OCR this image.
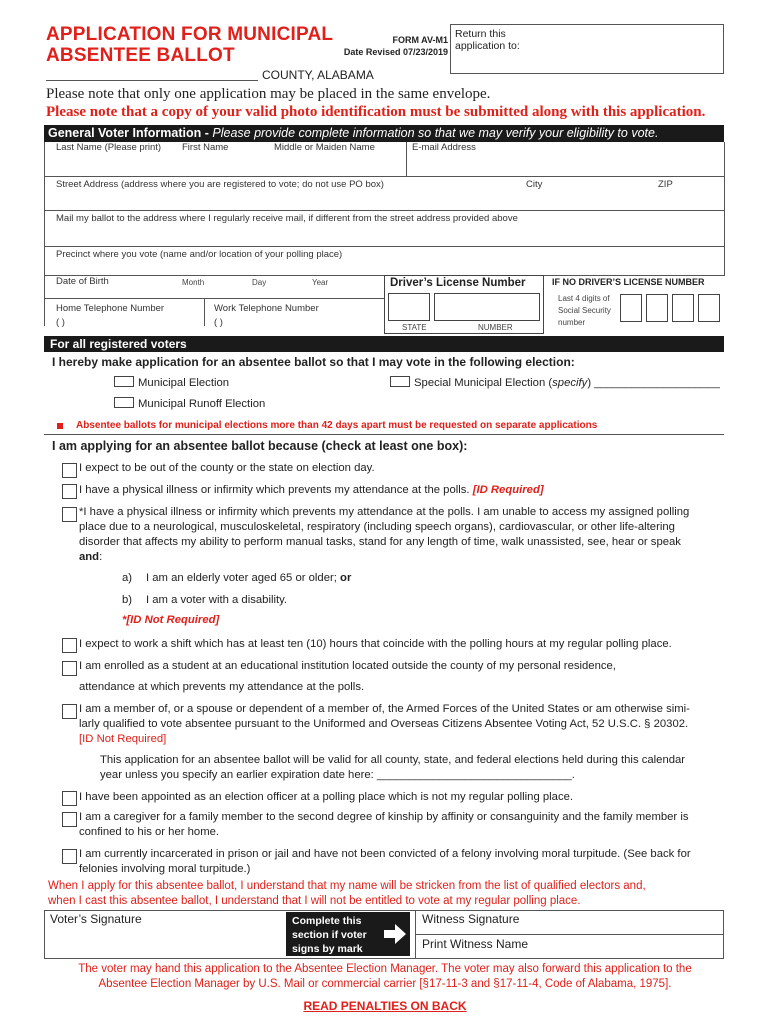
APPLICATION FOR MUNICIPAL
ABSENTEE BALLOT
FORM AV-M1
Date Revised 07/23/2019
Return this
application to:
COUNTY, ALABAMA
Please note that only one application may be placed in the same envelope.
Please note that a copy of your valid photo identification must be submitted along with this application.
General Voter Information - Please provide complete information so that we may verify your eligibility to vote.
Last Name (Please print) First Name	Middle or Maiden Name	E-mail Address
Street Address (address where you are registered to vote; do not use PO box)	City	ZIP
Mail my ballot to the address where I regularly receive mail, if different from the street address provided above
Precinct where you vote (name and/or location of your polling place)
Date of Birth	Month	Day	Year
Home Telephone Number
( )
Work Telephone Number
( )
Driver’s License Number
STATE	NUMBER
IF NO DRIVER’S LICENSE NUMBER
Last 4 digits of
Social Security
number
For all registered voters
I hereby make application for an absentee ballot so that I may vote in the following election:
Municipal Election	Special Municipal Election (specify) ____________________
Municipal Runoff Election
Absentee ballots for municipal elections more than 42 days apart must be requested on separate applications
I am applying for an absentee ballot because (check at least one box):
I expect to be out of the county or the state on election day.
I have a physical illness or infirmity which prevents my attendance at the polls. [ID Required]
*I have a physical illness or infirmity which prevents my attendance at the polls. I am unable to access my assigned polling
place due to a neurological, musculoskeletal, respiratory (including speech organs), cardiovascular, or other life-altering
disorder that affects my ability to perform manual tasks, stand for any length of time, walk unassisted, see, hear or speak
and:
a) I am an elderly voter aged 65 or older; or
b) I am a voter with a disability.
*[ID Not Required]
I expect to work a shift which has at least ten (10) hours that coincide with the polling hours at my regular polling place.
I am enrolled as a student at an educational institution located outside the county of my personal residence,
attendance at which prevents my attendance at the polls.
I am a member of, or a spouse or dependent of a member of, the Armed Forces of the United States or am otherwise simi-
larly qualified to vote absentee pursuant to the Uniformed and Overseas Citizens Absentee Voting Act, 52 U.S.C. § 20302.
[ID Not Required]
This application for an absentee ballot will be valid for all county, state, and federal elections held during this calendar
year unless you specify an earlier expiration date here: _______________________________.
I have been appointed as an election officer at a polling place which is not my regular polling place.
I am a caregiver for a family member to the second degree of kinship by affinity or consanguinity and the family member is
confined to his or her home.
I am currently incarcerated in prison or jail and have not been convicted of a felony involving moral turpitude. (See back for
felonies involving moral turpitude.)
When I apply for this absentee ballot, I understand that my name will be stricken from the list of qualified electors and,
when I cast this absentee ballot, I understand that I will not be entitled to vote at my regular polling place.
Voter’s Signature	Complete this
section if voter
signs by mark
Witness Signature
Print Witness Name
The voter may hand this application to the Absentee Election Manager. The voter may also forward this application to the
Absentee Election Manager by U.S. Mail or commercial carrier [§17-11-3 and §17-11-4, Code of Alabama, 1975].
READ PENALTIES ON BACK
